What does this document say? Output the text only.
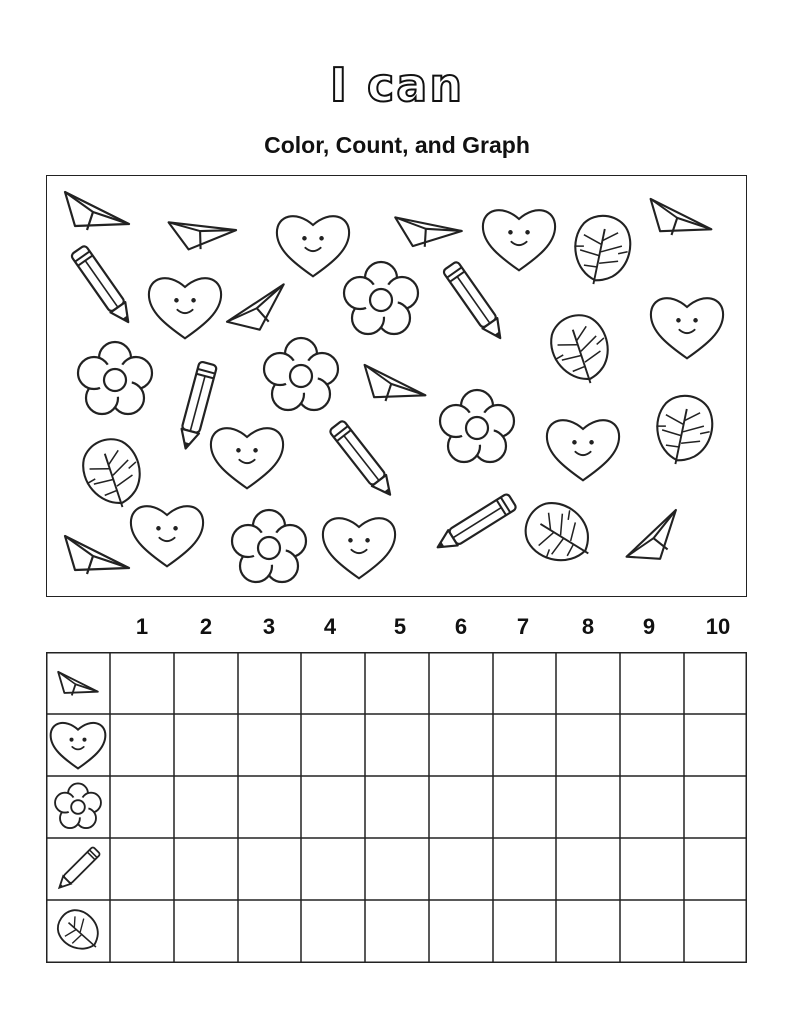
I can
Color, Count, and Graph
1	2	3	4	5	6	7	8	9	10
